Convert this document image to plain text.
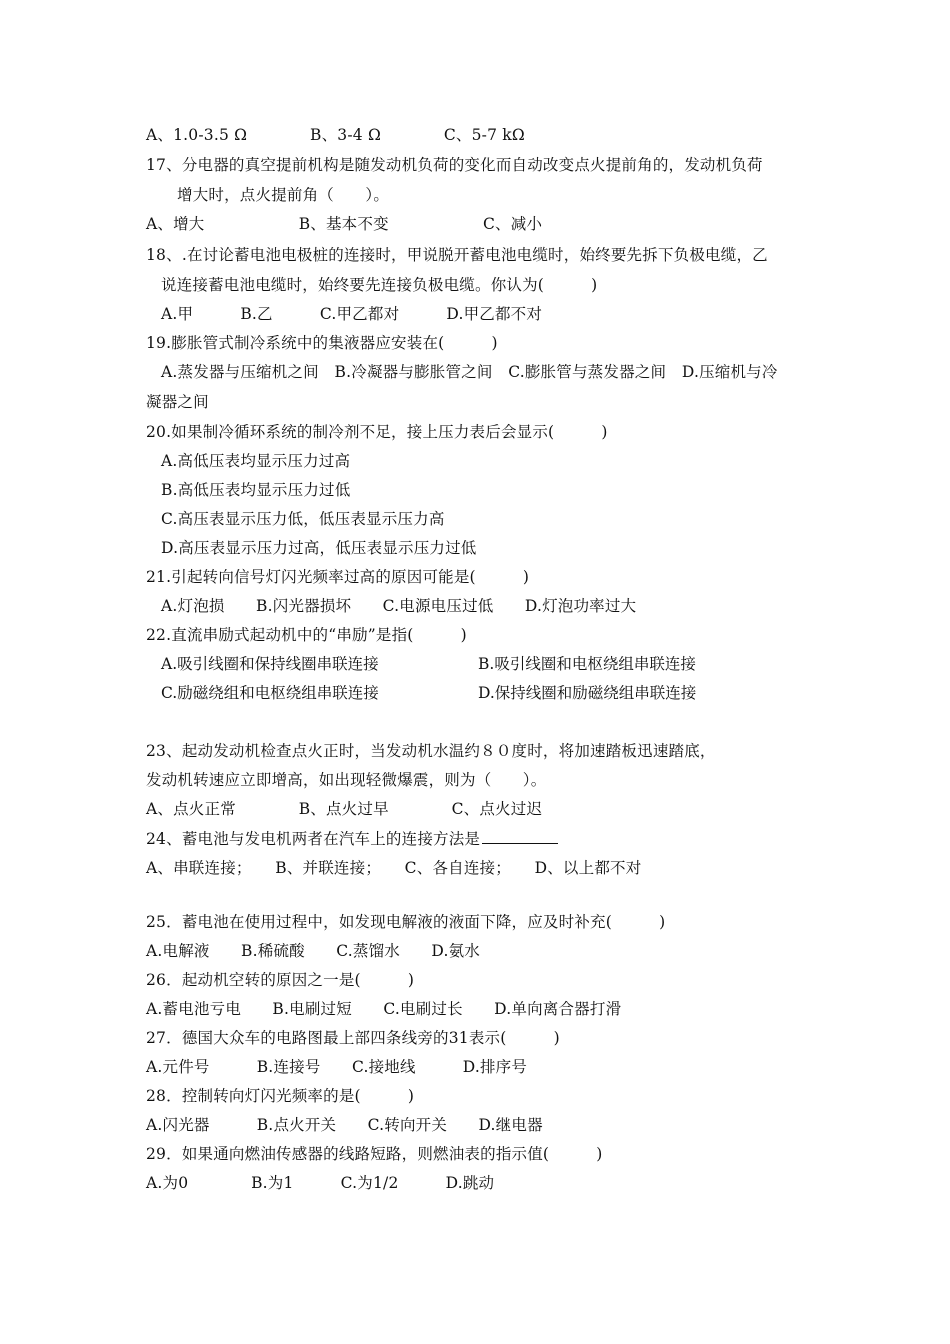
A、1.0-3.5 Ω　　　　B、3-4 Ω　　　　C、5-7 kΩ
17、分电器的真空提前机构是随发动机负荷的变化而自动改变点火提前角的，发动机负荷
增大时，点火提前角（　　）。
A、增大　　　　　　B、基本不变　　　　　　C、减小
18、.在讨论蓄电池电极桩的连接时，甲说脱开蓄电池电缆时，始终要先拆下负极电缆，乙
说连接蓄电池电缆时，始终要先连接负极电缆。你认为(　　　)
A.甲　　　B.乙　　　C.甲乙都对　　　D.甲乙都不对
19.膨胀管式制冷系统中的集液器应安装在(　　　)
A.蒸发器与压缩机之间　B.冷凝器与膨胀管之间　C.膨胀管与蒸发器之间　D.压缩机与冷
凝器之间
20.如果制冷循环系统的制冷剂不足，接上压力表后会显示(　　　)
A.高低压表均显示压力过高
B.高低压表均显示压力过低
C.高压表显示压力低，低压表显示压力高
D.高压表显示压力过高，低压表显示压力过低
21.引起转向信号灯闪光频率过高的原因可能是(　　　)
A.灯泡损　　B.闪光器损坏　　C.电源电压过低　　D.灯泡功率过大
22.直流串励式起动机中的“串励”是指(　　　)
A.吸引线圈和保持线圈串联连接	B.吸引线圈和电枢绕组串联连接
C.励磁绕组和电枢绕组串联连接	D.保持线圈和励磁绕组串联连接
23、起动发动机检查点火正时，当发动机水温约８０度时，将加速踏板迅速踏底，
发动机转速应立即增高，如出现轻微爆震，则为（　　）。
A、点火正常　　　　B、点火过早　　　　C、点火过迟
24、蓄电池与发电机两者在汽车上的连接方法是
A、串联连接；　　B、并联连接；　　C、各自连接；　　D、以上都不对
25．蓄电池在使用过程中，如发现电解液的液面下降，应及时补充(　　　)
A.电解液　　B.稀硫酸　　C.蒸馏水　　D.氨水
26．起动机空转的原因之一是(　　　)
A.蓄电池亏电　　B.电刷过短　　C.电刷过长　　D.单向离合器打滑
27．德国大众车的电路图最上部四条线旁的31表示(　　　)
A.元件号　　　B.连接号　　C.接地线　　　D.排序号
28．控制转向灯闪光频率的是(　　　)
A.闪光器　　　B.点火开关　　C.转向开关　　D.继电器
29．如果通向燃油传感器的线路短路，则燃油表的指示值(　　　)
A.为0　　　　B.为1　　　C.为1/2　　　D.跳动
